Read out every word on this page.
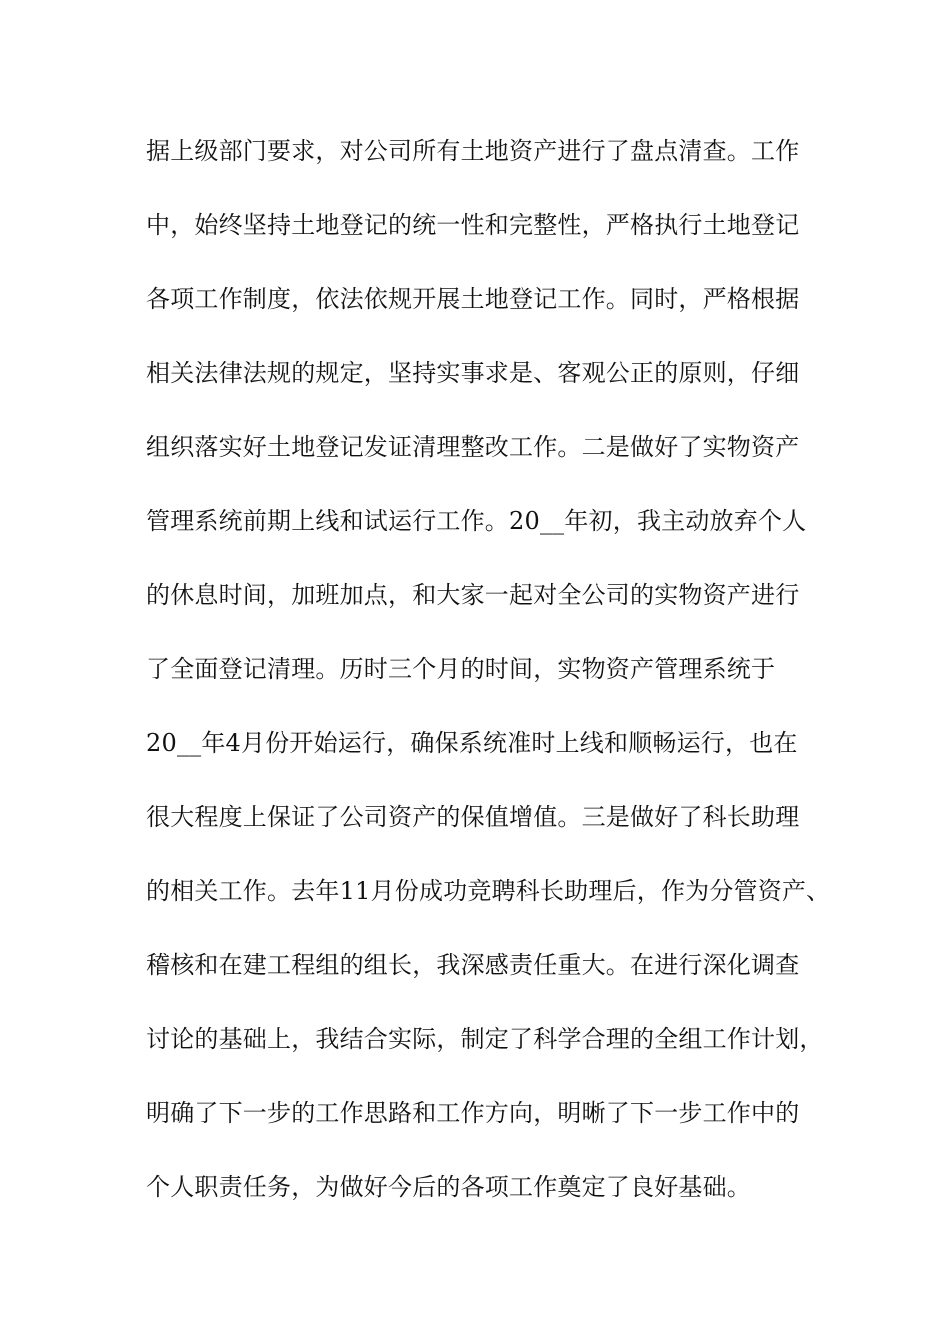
据上级部门要求，对公司所有土地资产进行了盘点清查。工作
中，始终坚持土地登记的统一性和完整性，严格执行土地登记
各项工作制度，依法依规开展土地登记工作。同时，严格根据
相关法律法规的规定，坚持实事求是、客观公正的原则，仔细
组织落实好土地登记发证清理整改工作。二是做好了实物资产
管理系统前期上线和试运行工作。20__年初，我主动放弃个人
的休息时间，加班加点，和大家一起对全公司的实物资产进行
了全面登记清理。历时三个月的时间，实物资产管理系统于
20__年4月份开始运行，确保系统准时上线和顺畅运行，也在
很大程度上保证了公司资产的保值增值。三是做好了科长助理
的相关工作。去年11月份成功竞聘科长助理后，作为分管资产、
稽核和在建工程组的组长，我深感责任重大。在进行深化调查
讨论的基础上，我结合实际，制定了科学合理的全组工作计划，
明确了下一步的工作思路和工作方向，明晰了下一步工作中的
个人职责任务，为做好今后的各项工作奠定了良好基础。
